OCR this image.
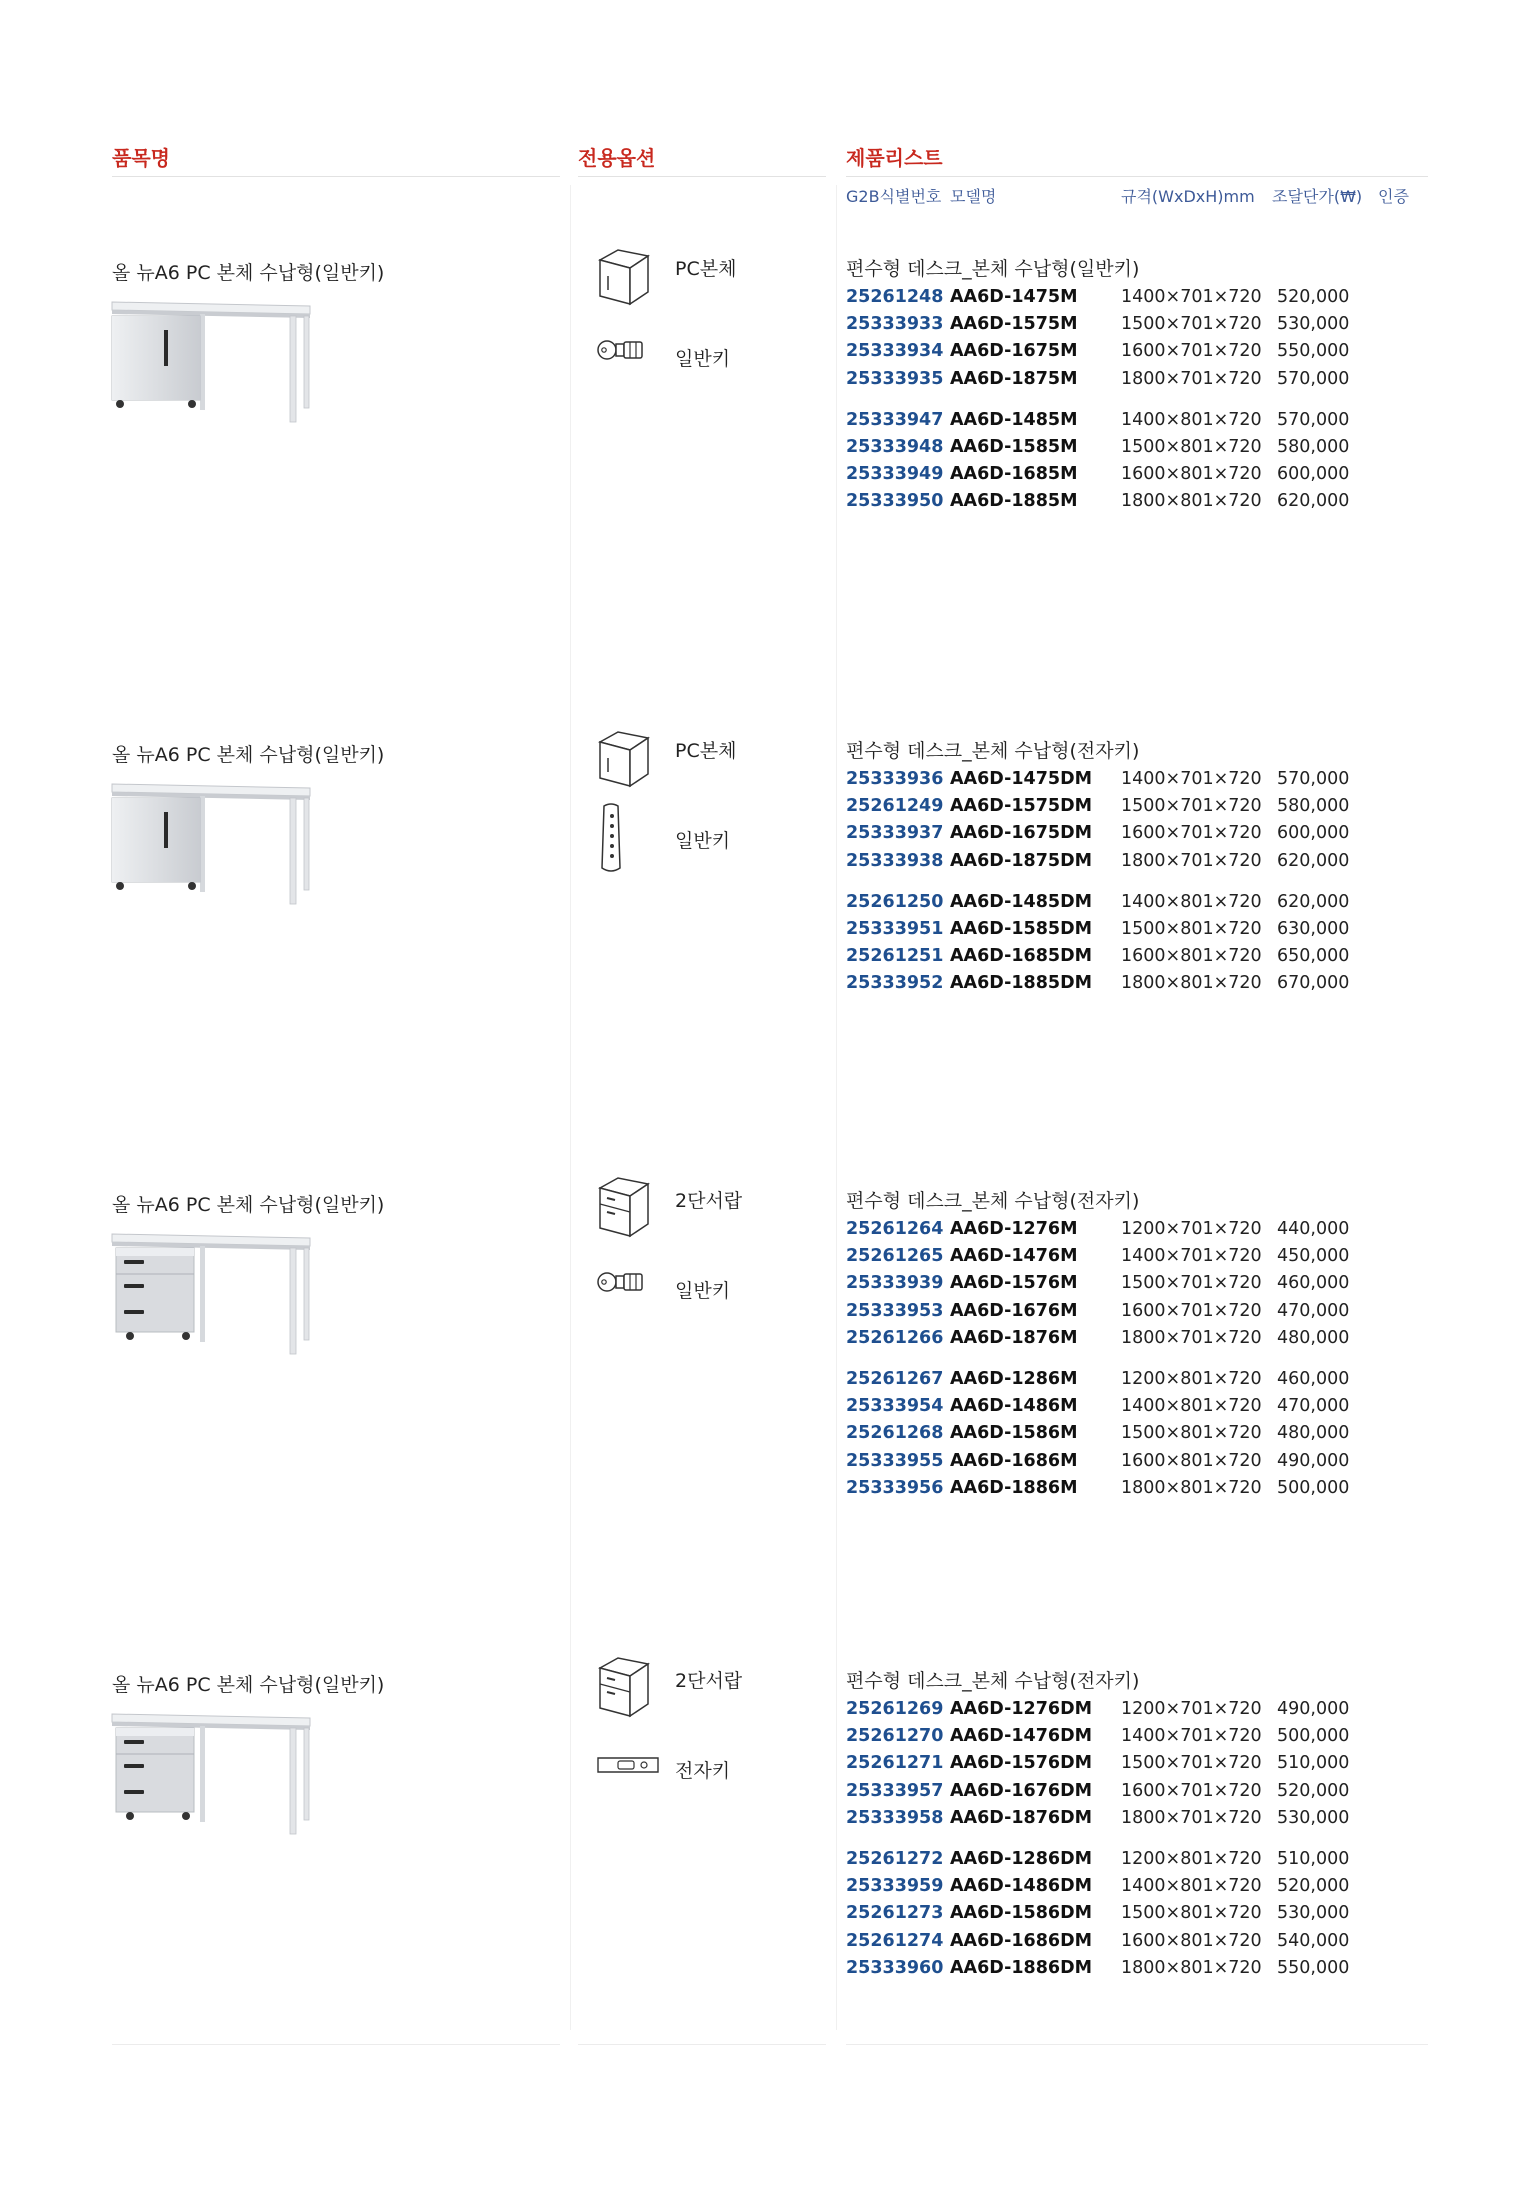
품목명	전용옵션	제품리스트
G2B식별번호 모델명	규격(WxDxH)mm 조달단가(₩) 인증
올 뉴A6 PC 본체 수납형(일반키)	PC본체
일반키
편수형 데스크_본체 수납형(일반키)
25261248 AA6D-1475M 1400×701×720 520,000
25333933 AA6D-1575M 1500×701×720 530,000
25333934 AA6D-1675M 1600×701×720 550,000
25333935 AA6D-1875M 1800×701×720 570,000
25333947 AA6D-1485M 1400×801×720 570,000
25333948 AA6D-1585M 1500×801×720 580,000
25333949 AA6D-1685M 1600×801×720 600,000
25333950 AA6D-1885M 1800×801×720 620,000
올 뉴A6 PC 본체 수납형(일반키)	PC본체
일반키
편수형 데스크_본체 수납형(전자키)
25333936 AA6D-1475DM 1400×701×720 570,000
25261249 AA6D-1575DM 1500×701×720 580,000
25333937 AA6D-1675DM 1600×701×720 600,000
25333938 AA6D-1875DM 1800×701×720 620,000
25261250 AA6D-1485DM 1400×801×720 620,000
25333951 AA6D-1585DM 1500×801×720 630,000
25261251 AA6D-1685DM 1600×801×720 650,000
25333952 AA6D-1885DM 1800×801×720 670,000
올 뉴A6 PC 본체 수납형(일반키)	2단서랍
일반키
편수형 데스크_본체 수납형(전자키)
25261264 AA6D-1276M 1200×701×720 440,000
25261265 AA6D-1476M 1400×701×720 450,000
25333939 AA6D-1576M 1500×701×720 460,000
25333953 AA6D-1676M 1600×701×720 470,000
25261266 AA6D-1876M 1800×701×720 480,000
25261267 AA6D-1286M 1200×801×720 460,000
25333954 AA6D-1486M 1400×801×720 470,000
25261268 AA6D-1586M 1500×801×720 480,000
25333955 AA6D-1686M 1600×801×720 490,000
25333956 AA6D-1886M 1800×801×720 500,000
올 뉴A6 PC 본체 수납형(일반키)	2단서랍
전자키
편수형 데스크_본체 수납형(전자키)
25261269 AA6D-1276DM 1200×701×720 490,000
25261270 AA6D-1476DM 1400×701×720 500,000
25261271 AA6D-1576DM 1500×701×720 510,000
25333957 AA6D-1676DM 1600×701×720 520,000
25333958 AA6D-1876DM 1800×701×720 530,000
25261272 AA6D-1286DM 1200×801×720 510,000
25333959 AA6D-1486DM 1400×801×720 520,000
25261273 AA6D-1586DM 1500×801×720 530,000
25261274 AA6D-1686DM 1600×801×720 540,000
25333960 AA6D-1886DM 1800×801×720 550,000
